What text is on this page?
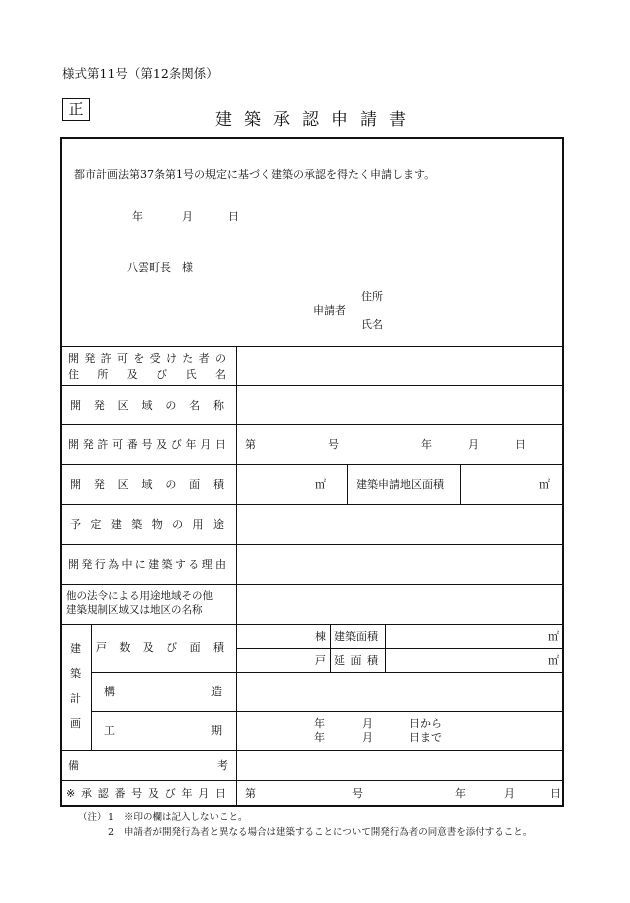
様式第11号（第12条関係）
正
建築承認申請書
都市計画法第37条第1号の規定に基づく建築の承認を得たく申請します。
年	月	日
八雲町長　様
住所
申請者
氏名
開 発 許 可 を 受 け た 者 の
住 所 及 び 氏 名
開 発 区 域 の 名 称
開 発 許 可 番 号 及 び 年 月 日 第	号	年	月	日
開 発 区 域 の 面 積	㎡	建築申請地区面積	㎡
予 定 建 築 物 の 用 途
開 発 行 為 中 に 建 築 す る 理 由
他の法令による用途地域その他
建築規制区域又は地区の名称
建
築
計
画
戸 数 及 び 面 積
棟 建築面積	㎡
戸 延 面 積	㎡
構	造
工	期
年	月	日から
年	月	日まで
備	考
※ 承 認 番 号 及 び 年 月 日 第	号	年	月	日
（注） 1 ※印の欄は記入しないこと。
2 申請者が開発行為者と異なる場合は建築することについて開発行為者の同意書を添付すること。
